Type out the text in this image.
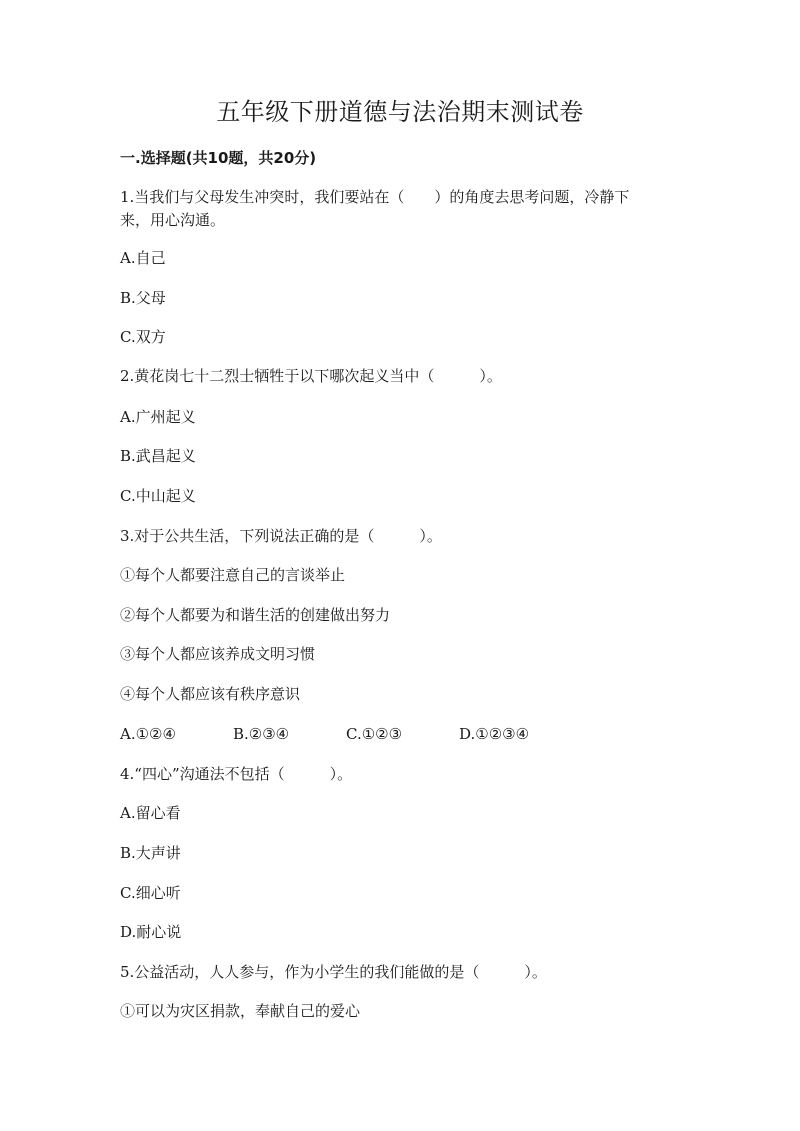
五年级下册道德与法治期末测试卷
一.选择题(共10题，共20分)
1.当我们与父母发生冲突时，我们要站在（　　）的角度去思考问题，冷静下
来，用心沟通。
A.自己
B.父母
C.双方
2.黄花岗七十二烈士牺牲于以下哪次起义当中（　　　）。
A.广州起义
B.武昌起义
C.中山起义
3.对于公共生活，下列说法正确的是（　　　）。
①每个人都要注意自己的言谈举止
②每个人都要为和谐生活的创建做出努力
③每个人都应该养成文明习惯
④每个人都应该有秩序意识
A.①②④	B.②③④	C.①②③	D.①②③④
4.“四心”沟通法不包括（　　　）。
A.留心看
B.大声讲
C.细心听
D.耐心说
5.公益活动，人人参与，作为小学生的我们能做的是（　　　）。
①可以为灾区捐款，奉献自己的爱心
